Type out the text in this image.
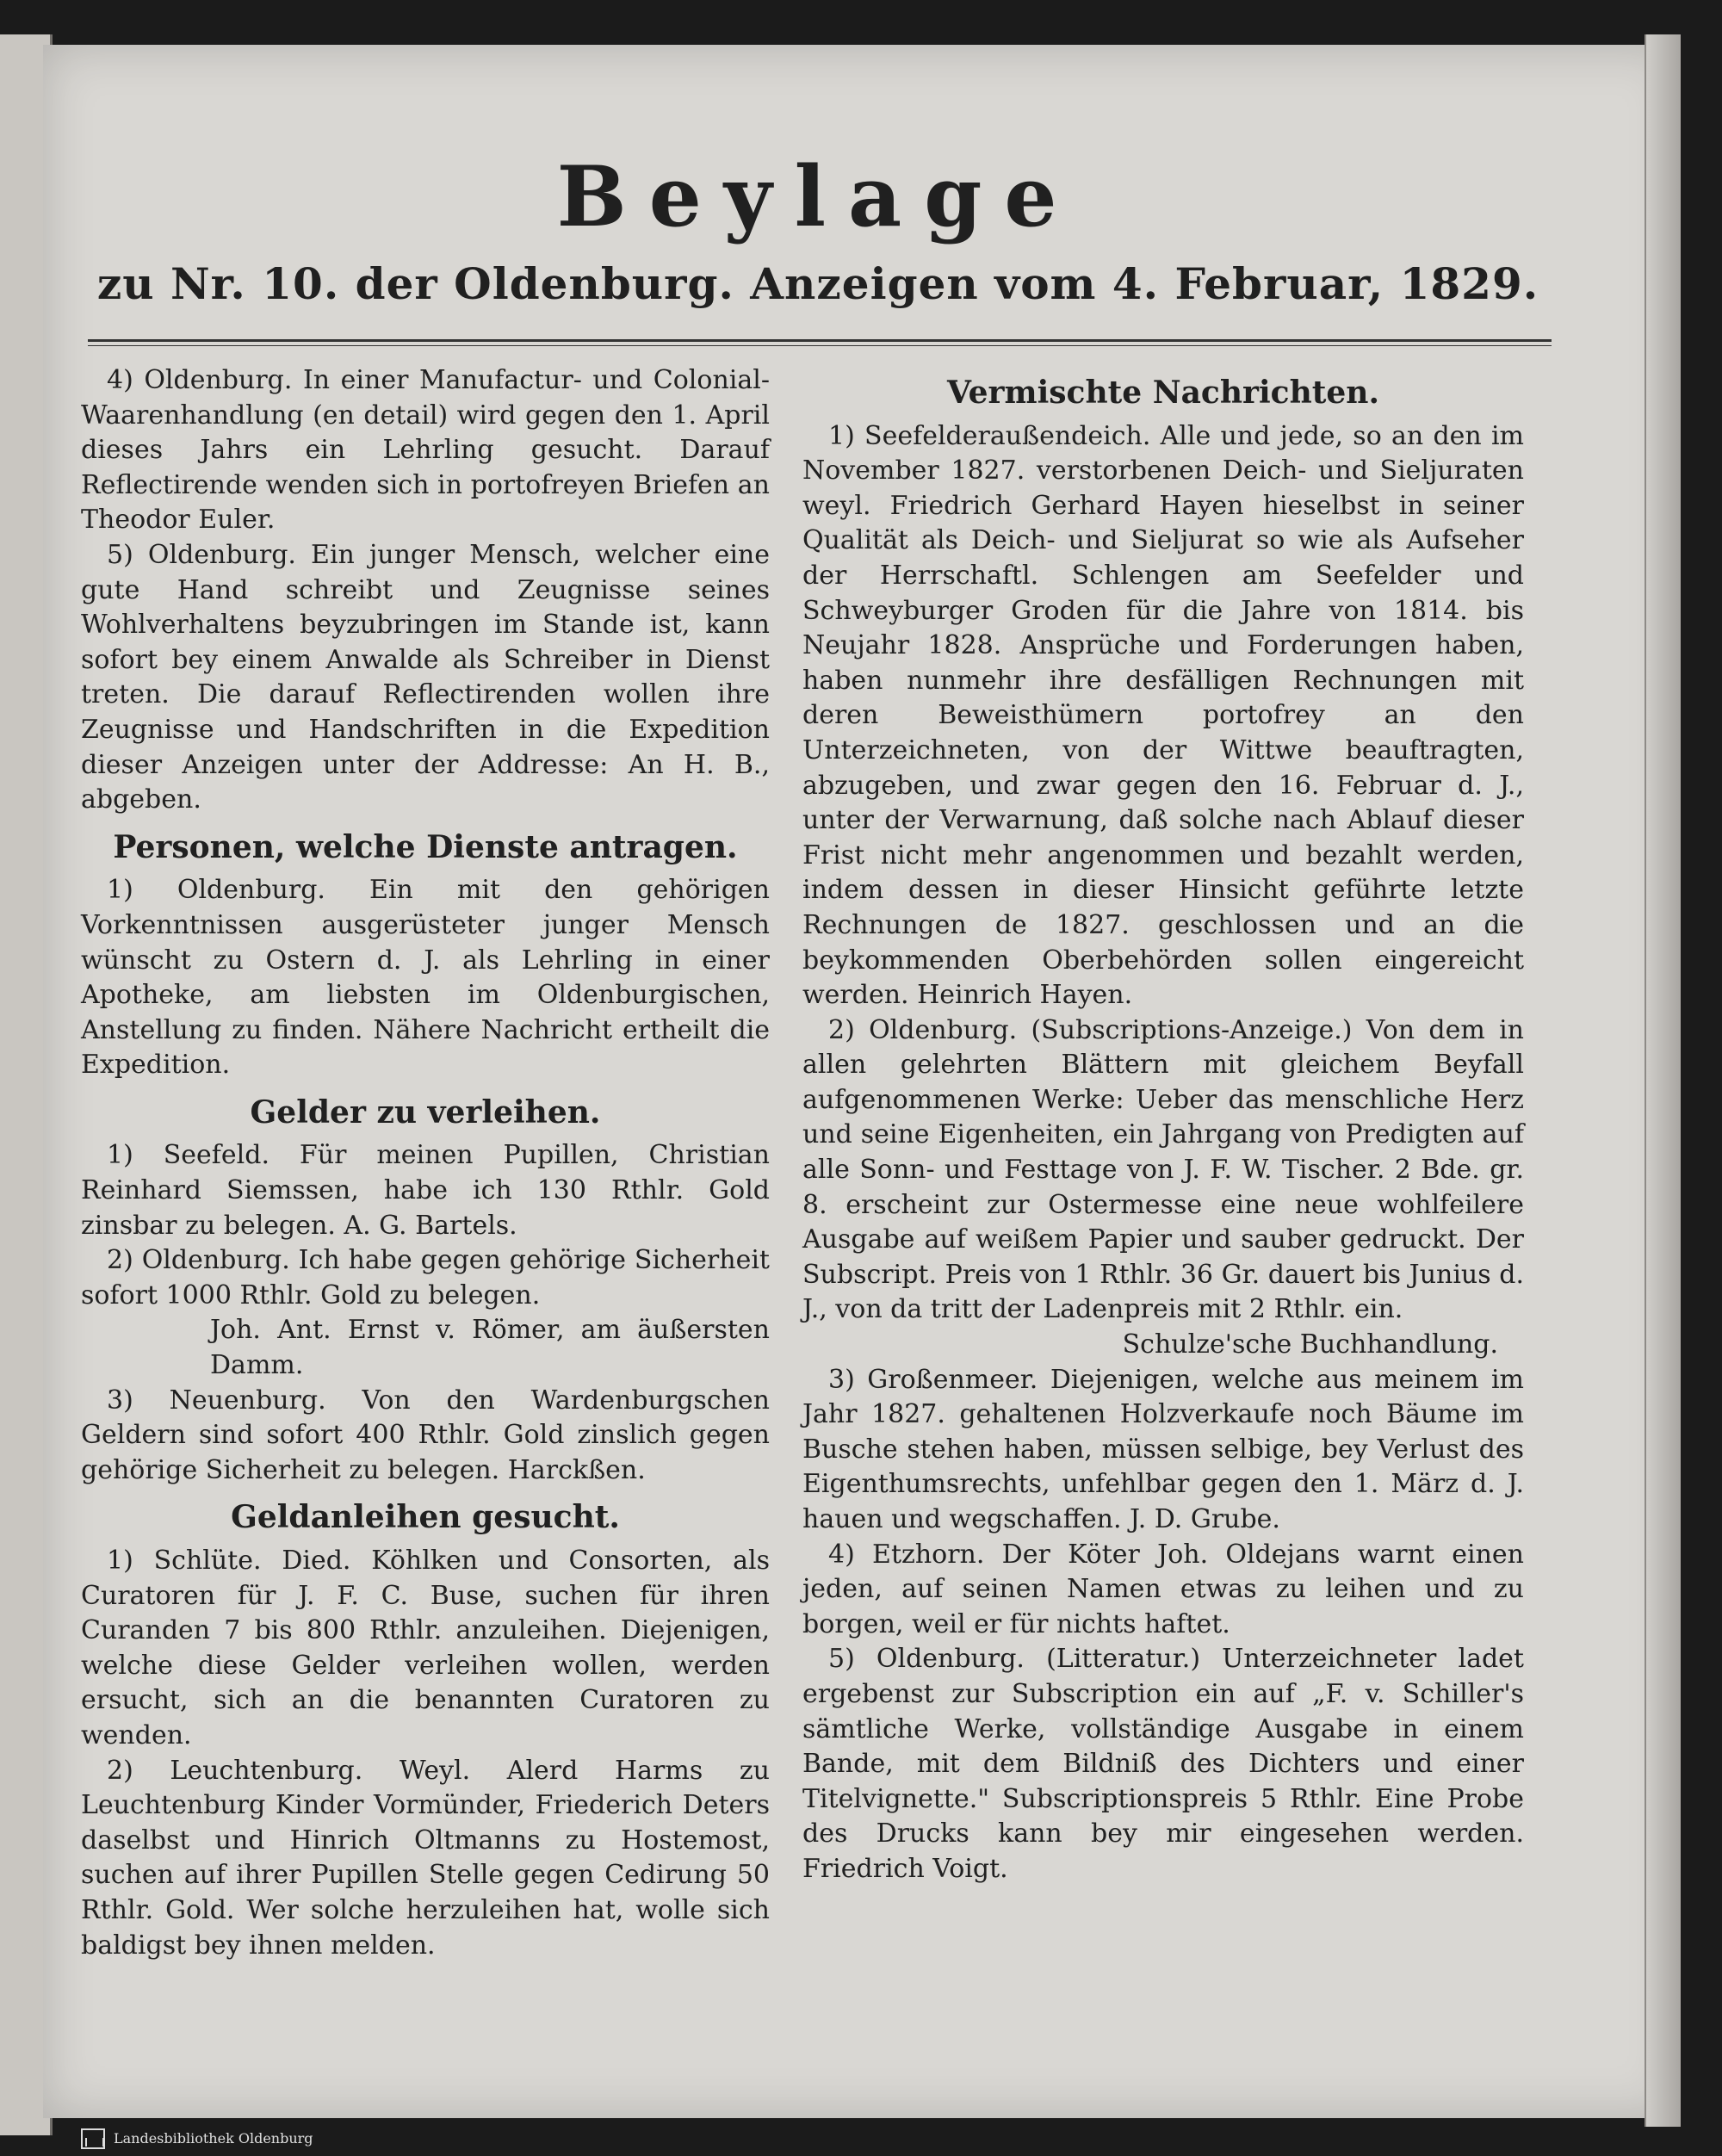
Beylage
zu Nr. 10. der Oldenburg. Anzeigen vom 4. Februar, 1829.

4) Oldenburg. In einer Manufactur- und Colonial-Waarenhandlung (en detail) wird gegen den 1. April dieses Jahrs ein Lehrling gesucht. Darauf Reflectirende wenden sich in portofreyen Briefen an Theodor Euler.

5) Oldenburg. Ein junger Mensch, welcher eine gute Hand schreibt und Zeugnisse seines Wohlverhaltens beyzubringen im Stande ist, kann sofort bey einem Anwalde als Schreiber in Dienst treten. Die darauf Reflectirenden wollen ihre Zeugnisse und Handschriften in die Expedition dieser Anzeigen unter der Addresse: An H. B., abgeben.

Personen, welche Dienste antragen.

1) Oldenburg. Ein mit den gehörigen Vorkenntnissen ausgerüsteter junger Mensch wünscht zu Ostern d. J. als Lehrling in einer Apotheke, am liebsten im Oldenburgischen, Anstellung zu finden. Nähere Nachricht ertheilt die Expedition.

Gelder zu verleihen.

1) Seefeld. Für meinen Pupillen, Christian Reinhard Siemssen, habe ich 130 Rthlr. Gold zinsbar zu belegen. A. G. Bartels.

2) Oldenburg. Ich habe gegen gehörige Sicherheit sofort 1000 Rthlr. Gold zu belegen.

Joh. Ant. Ernst v. Römer, am äußersten Damm.

3) Neuenburg. Von den Wardenburgschen Geldern sind sofort 400 Rthlr. Gold zinslich gegen gehörige Sicherheit zu belegen. Harckßen.

Geldanleihen gesucht.

1) Schlüte. Died. Köhlken und Consorten, als Curatoren für J. F. C. Buse, suchen für ihren Curanden 7 bis 800 Rthlr. anzuleihen. Diejenigen, welche diese Gelder verleihen wollen, werden ersucht, sich an die benannten Curatoren zu wenden.

2) Leuchtenburg. Weyl. Alerd Harms zu Leuchtenburg Kinder Vormünder, Friederich Deters daselbst und Hinrich Oltmanns zu Hostemost, suchen auf ihrer Pupillen Stelle gegen Cedirung 50 Rthlr. Gold. Wer solche herzuleihen hat, wolle sich baldigst bey ihnen melden.

Vermischte Nachrichten.

1) Seefelderaußendeich. Alle und jede, so an den im November 1827. verstorbenen Deich- und Sieljuraten weyl. Friedrich Gerhard Hayen hieselbst in seiner Qualität als Deich- und Sieljurat so wie als Aufseher der Herrschaftl. Schlengen am Seefelder und Schweyburger Groden für die Jahre von 1814. bis Neujahr 1828. Ansprüche und Forderungen haben, haben nunmehr ihre desfälligen Rechnungen mit deren Beweisthümern portofrey an den Unterzeichneten, von der Wittwe beauftragten, abzugeben, und zwar gegen den 16. Februar d. J., unter der Verwarnung, daß solche nach Ablauf dieser Frist nicht mehr angenommen und bezahlt werden, indem dessen in dieser Hinsicht geführte letzte Rechnungen de 1827. geschlossen und an die beykommenden Oberbehörden sollen eingereicht werden. Heinrich Hayen.

2) Oldenburg. (Subscriptions-Anzeige.) Von dem in allen gelehrten Blättern mit gleichem Beyfall aufgenommenen Werke: Ueber das menschliche Herz und seine Eigenheiten, ein Jahrgang von Predigten auf alle Sonn- und Festtage von J. F. W. Tischer. 2 Bde. gr. 8. erscheint zur Ostermesse eine neue wohlfeilere Ausgabe auf weißem Papier und sauber gedruckt. Der Subscript. Preis von 1 Rthlr. 36 Gr. dauert bis Junius d. J., von da tritt der Ladenpreis mit 2 Rthlr. ein.

Schulze'sche Buchhandlung.

3) Großenmeer. Diejenigen, welche aus meinem im Jahr 1827. gehaltenen Holzverkaufe noch Bäume im Busche stehen haben, müssen selbige, bey Verlust des Eigenthumsrechts, unfehlbar gegen den 1. März d. J. hauen und wegschaffen. J. D. Grube.

4) Etzhorn. Der Köter Joh. Oldejans warnt einen jeden, auf seinen Namen etwas zu leihen und zu borgen, weil er für nichts haftet.

5) Oldenburg. (Litteratur.) Unterzeichneter ladet ergebenst zur Subscription ein auf „F. v. Schiller's sämtliche Werke, vollständige Ausgabe in einem Bande, mit dem Bildniß des Dichters und einer Titelvignette." Subscriptionspreis 5 Rthlr. Eine Probe des Drucks kann bey mir eingesehen werden. Friedrich Voigt.

Landesbibliothek Oldenburg
